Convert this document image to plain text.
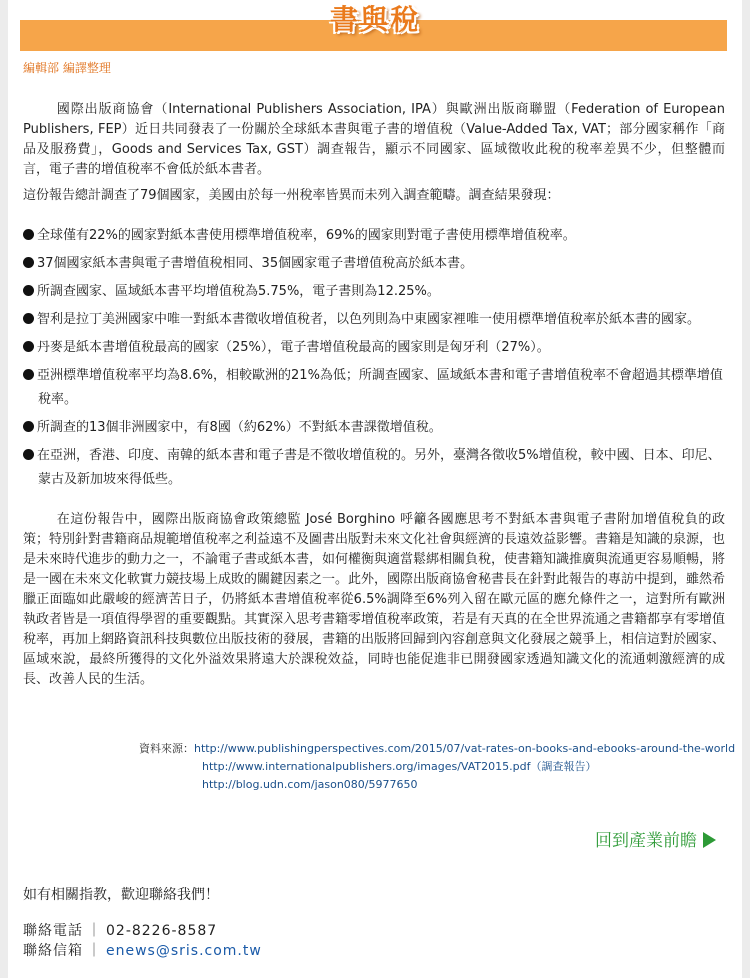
書與稅
編輯部 編譯整理

國際出版商協會（International Publishers Association, IPA）與歐洲出版商聯盟（Federation of European Publishers, FEP）近日共同發表了一份關於全球紙本書與電子書的增值稅（Value-Added Tax, VAT；部分國家稱作「商品及服務費」，Goods and Services Tax, GST）調查報告，顯示不同國家、區域徵收此稅的稅率差異不少，但整體而言，電子書的增值稅率不會低於紙本書者。

這份報告總計調查了79個國家，美國由於每一州稅率皆異而未列入調查範疇。調查結果發現：

全球僅有22%的國家對紙本書使用標準增值稅率，69%的國家則對電子書使用標準增值稅率。
37個國家紙本書與電子書增值稅相同、35個國家電子書增值稅高於紙本書。
所調查國家、區域紙本書平均增值稅為5.75%，電子書則為12.25%。
智利是拉丁美洲國家中唯一對紙本書徵收增值稅者，以色列則為中東國家裡唯一使用標準增值稅率於紙本書的國家。
丹麥是紙本書增值稅最高的國家（25%），電子書增值稅最高的國家則是匈牙利（27%）。
亞洲標準增值稅率平均為8.6%，相較歐洲的21%為低；所調查國家、區域紙本書和電子書增值稅率不會超過其標準增值稅率。
所調查的13個非洲國家中，有8國（約62%）不對紙本書課徵增值稅。
在亞洲，香港、印度、南韓的紙本書和電子書是不徵收增值稅的。另外，臺灣各徵收5%增值稅，較中國、日本、印尼、蒙古及新加坡來得低些。

在這份報告中，國際出版商協會政策總監 José Borghino 呼籲各國應思考不對紙本書與電子書附加增值稅負的政策；特別針對書籍商品規範增值稅率之利益遠不及圖書出版對未來文化社會與經濟的長遠效益影響。書籍是知識的泉源，也是未來時代進步的動力之一，不論電子書或紙本書，如何權衡與適當鬆綁相關負稅，使書籍知識推廣與流通更容易順暢，將是一國在未來文化軟實力競技場上成敗的關鍵因素之一。此外，國際出版商協會秘書長在針對此報告的專訪中提到，雖然希臘正面臨如此嚴峻的經濟苦日子，仍將紙本書增值稅率從6.5%調降至6%列入留在歐元區的應允條件之一，這對所有歐洲執政者皆是一項值得學習的重要觀點。其實深入思考書籍零增值稅率政策，若是有天真的在全世界流通之書籍都享有零增值稅率，再加上網路資訊科技與數位出版技術的發展，書籍的出版將回歸到內容創意與文化發展之競爭上，相信這對於國家、區域來說，最終所獲得的文化外溢效果將遠大於課稅效益，同時也能促進非已開發國家透過知識文化的流通刺激經濟的成長、改善人民的生活。

資料來源：http://www.publishingperspectives.com/2015/07/vat-rates-on-books-and-ebooks-around-the-world
http://www.internationalpublishers.org/images/VAT2015.pdf（調查報告）
http://blog.udn.com/jason080/5977650
回到產業前瞻
如有相關指教，歡迎聯絡我們！
聯絡電話 ｜ 02-8226-8587
聯絡信箱 ｜ enews@sris.com.tw
